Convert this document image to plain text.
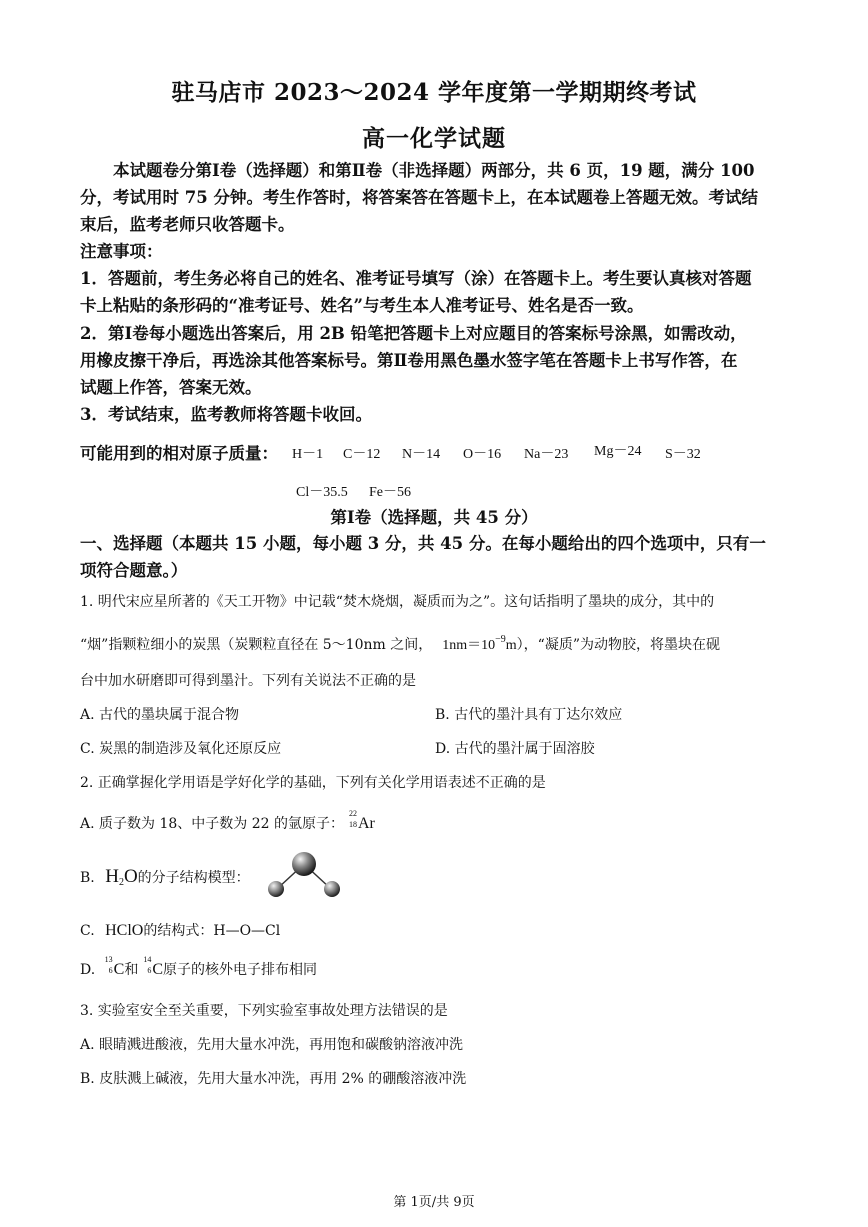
驻马店市 2023～2024 学年度第一学期期终考试
高一化学试题
本试题卷分第Ⅰ卷（选择题）和第Ⅱ卷（非选择题）两部分，共 6 页，19 题，满分 100
分，考试用时 75 分钟。考生作答时，将答案答在答题卡上，在本试题卷上答题无效。考试结
束后，监考老师只收答题卡。
注意事项：
1．答题前，考生务必将自己的姓名、准考证号填写（涂）在答题卡上。考生要认真核对答题
卡上粘贴的条形码的“准考证号、姓名”与考生本人准考证号、姓名是否一致。
2．第Ⅰ卷每小题选出答案后，用 2B 铅笔把答题卡上对应题目的答案标号涂黑，如需改动，
用橡皮擦干净后，再选涂其他答案标号。第Ⅱ卷用黑色墨水签字笔在答题卡上书写作答，在
试题上作答，答案无效。
3．考试结束，监考教师将答题卡收回。
可能用到的相对原子质量： H－1 C－12 N－14 O－16 Na－23 Mg－24 S－32
Cl－35.5 Fe－56
第Ⅰ卷（选择题，共 45 分）
一、选择题（本题共 15 小题，每小题 3 分，共 45 分。在每小题给出的四个选项中，只有一
项符合题意。）
1. 明代宋应星所著的《天工开物》中记载“焚木烧烟，凝质而为之”。这句话指明了墨块的成分，其中的
“烟”指颗粒细小的炭黑（炭颗粒直径在 5～10nm 之间， $1nm=10^{-9}m$），“凝质”为动物胶，将墨块在砚
台中加水研磨即可得到墨汁。下列有关说法不正确的是
A. 古代的墨块属于混合物	B. 古代的墨汁具有丁达尔效应
C. 炭黑的制造涉及氧化还原反应	D. 古代的墨汁属于固溶胶
2. 正确掌握化学用语是学好化学的基础，下列有关化学用语表述不正确的是
A. 质子数为 18、中子数为 22 的氩原子：
22
18 Ar
B. $H_2O$的分子结构模型：
C. HClO的结构式：H—O—Cl
D.
13
6 C和
14
6 C原子的核外电子排布相同
3. 实验室安全至关重要，下列实验室事故处理方法错误的是
A. 眼睛溅进酸液，先用大量水冲洗，再用饱和碳酸钠溶液冲洗
B. 皮肤溅上碱液，先用大量水冲洗，再用 2% 的硼酸溶液冲洗
第 1页/共 9页
